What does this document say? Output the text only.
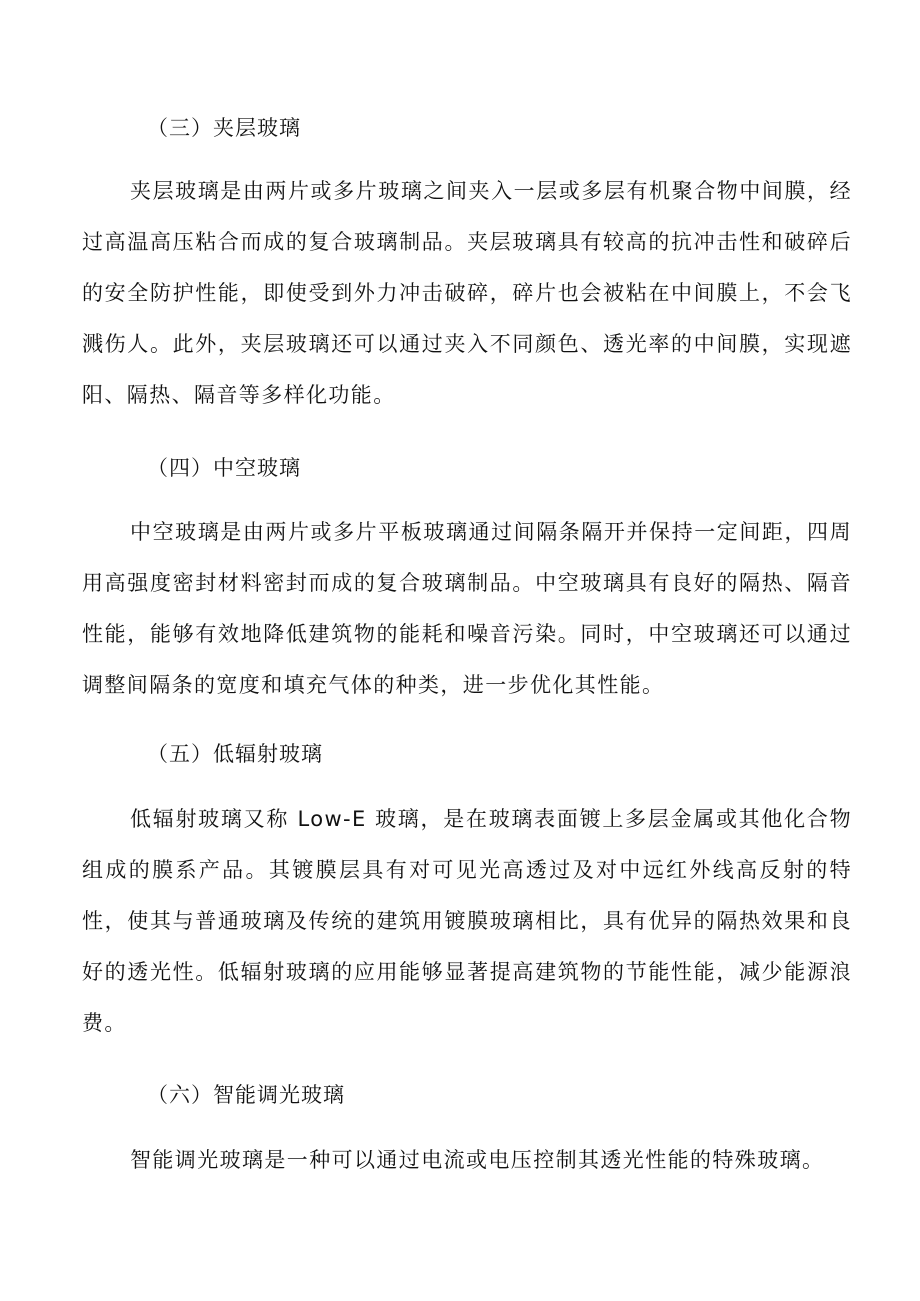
（三）夹层玻璃

夹层玻璃是由两片或多片玻璃之间夹入一层或多层有机聚合物中间膜，经过高温高压粘合而成的复合玻璃制品。夹层玻璃具有较高的抗冲击性和破碎后的安全防护性能，即使受到外力冲击破碎，碎片也会被粘在中间膜上，不会飞溅伤人。此外，夹层玻璃还可以通过夹入不同颜色、透光率的中间膜，实现遮阳、隔热、隔音等多样化功能。

（四）中空玻璃

中空玻璃是由两片或多片平板玻璃通过间隔条隔开并保持一定间距，四周用高强度密封材料密封而成的复合玻璃制品。中空玻璃具有良好的隔热、隔音性能，能够有效地降低建筑物的能耗和噪音污染。同时，中空玻璃还可以通过调整间隔条的宽度和填充气体的种类，进一步优化其性能。

（五）低辐射玻璃

低辐射玻璃又称 Low-E 玻璃，是在玻璃表面镀上多层金属或其他化合物组成的膜系产品。其镀膜层具有对可见光高透过及对中远红外线高反射的特性，使其与普通玻璃及传统的建筑用镀膜玻璃相比，具有优异的隔热效果和良好的透光性。低辐射玻璃的应用能够显著提高建筑物的节能性能，减少能源浪费。

（六）智能调光玻璃

智能调光玻璃是一种可以通过电流或电压控制其透光性能的特殊玻璃。
